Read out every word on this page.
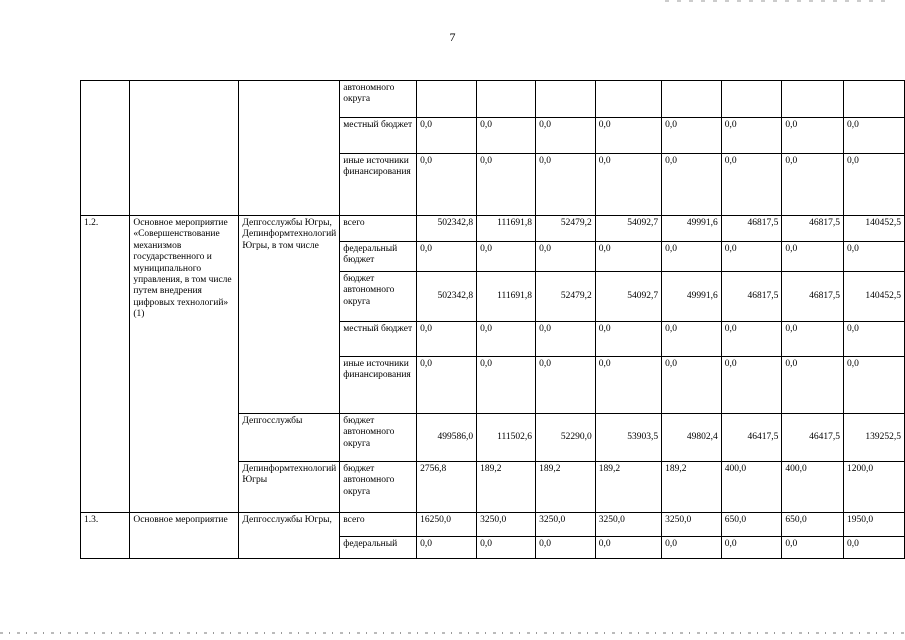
7
			автономного округа								
			местный бюджет	0,0	0,0	0,0	0,0	0,0	0,0	0,0	0,0
			иные источники финансирования	0,0	0,0	0,0	0,0	0,0	0,0	0,0	0,0
1.2.	Основное мероприятие «Совершенствование механизмов государственного и муниципального управления, в том числе путем внедрения цифровых технологий» (1)	Депгосслужбы Югры, Депинформтехнологий Югры, в том числе	всего	502342,8	111691,8	52479,2	54092,7	49991,6	46817,5	46817,5	140452,5
			федеральный бюджет	0,0	0,0	0,0	0,0	0,0	0,0	0,0	0,0
			бюджет автономного округа	502342,8	111691,8	52479,2	54092,7	49991,6	46817,5	46817,5	140452,5
			местный бюджет	0,0	0,0	0,0	0,0	0,0	0,0	0,0	0,0
			иные источники финансирования	0,0	0,0	0,0	0,0	0,0	0,0	0,0	0,0
		Депгосслужбы	бюджет автономного округа	499586,0	111502,6	52290,0	53903,5	49802,4	46417,5	46417,5	139252,5
		Депинформтехнологий Югры	бюджет автономного округа	2756,8	189,2	189,2	189,2	189,2	400,0	400,0	1200,0
1.3.	Основное мероприятие	Депгосслужбы Югры,	всего	16250,0	3250,0	3250,0	3250,0	3250,0	650,0	650,0	1950,0
			федеральный	0,0	0,0	0,0	0,0	0,0	0,0	0,0	0,0
